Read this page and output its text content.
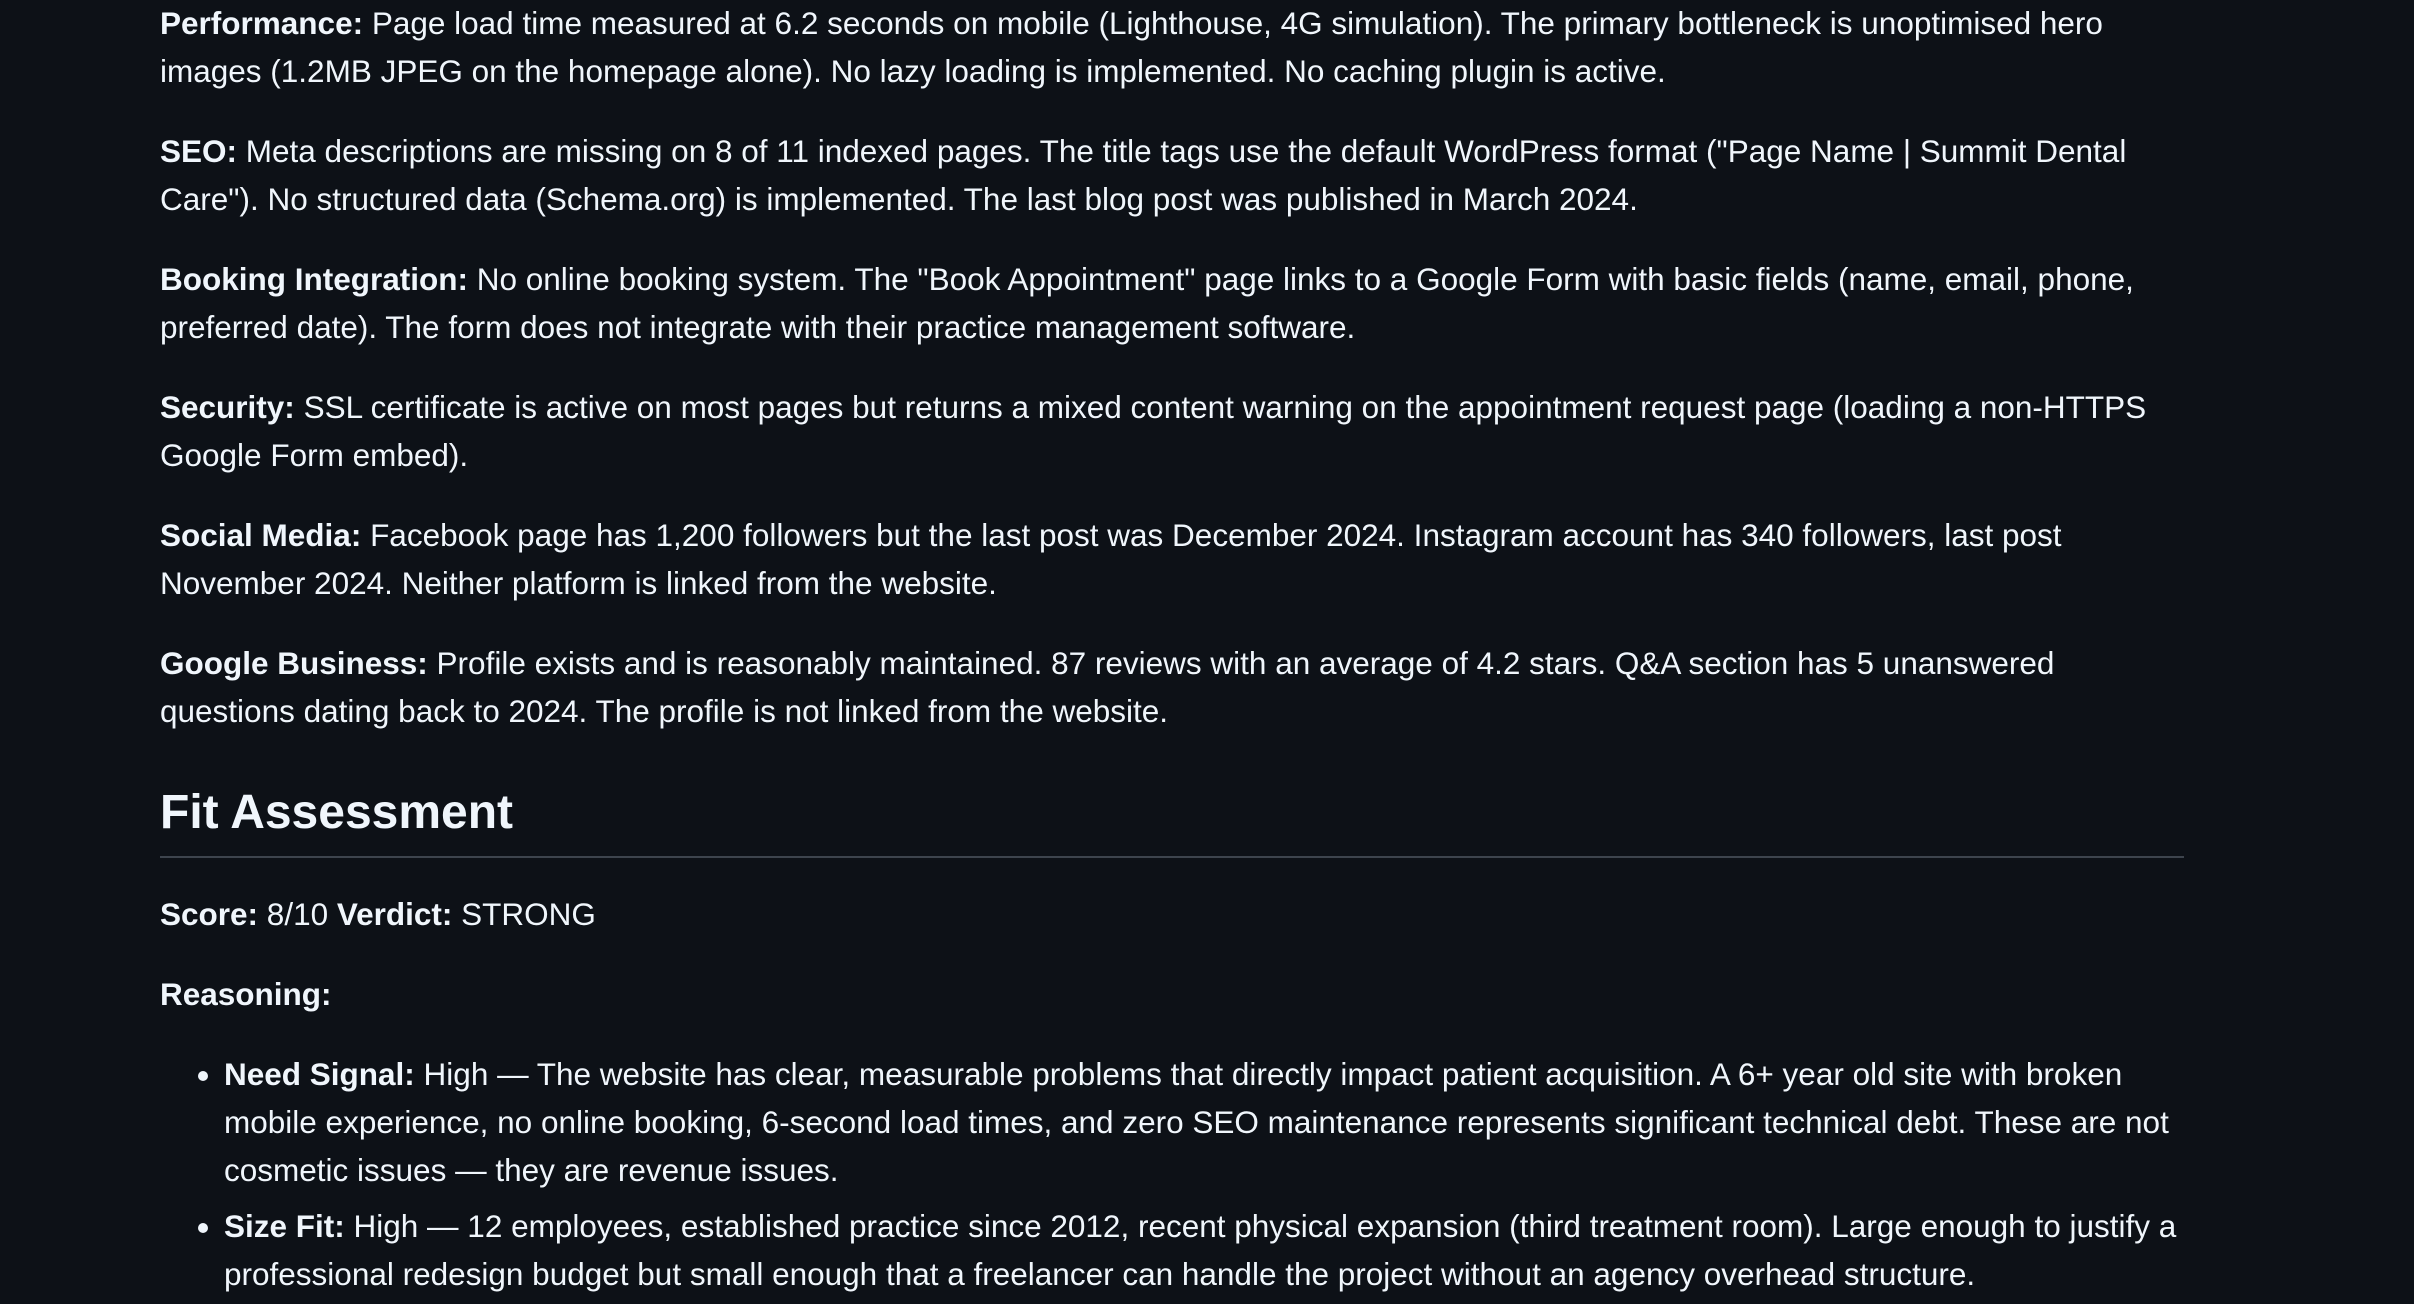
Performance: Page load time measured at 6.2 seconds on mobile (Lighthouse, 4G simulation). The primary bottleneck is unoptimised hero images (1.2MB JPEG on the homepage alone). No lazy loading is implemented. No caching plugin is active.

SEO: Meta descriptions are missing on 8 of 11 indexed pages. The title tags use the default WordPress format ("Page Name | Summit Dental Care"). No structured data (Schema.org) is implemented. The last blog post was published in March 2024.

Booking Integration: No online booking system. The "Book Appointment" page links to a Google Form with basic fields (name, email, phone, preferred date). The form does not integrate with their practice management software.

Security: SSL certificate is active on most pages but returns a mixed content warning on the appointment request page (loading a non-HTTPS Google Form embed).

Social Media: Facebook page has 1,200 followers but the last post was December 2024. Instagram account has 340 followers, last post November 2024. Neither platform is linked from the website.

Google Business: Profile exists and is reasonably maintained. 87 reviews with an average of 4.2 stars. Q&A section has 5 unanswered questions dating back to 2024. The profile is not linked from the website.

Fit Assessment

Score: 8/10 Verdict: STRONG

Reasoning:

• Need Signal: High — The website has clear, measurable problems that directly impact patient acquisition. A 6+ year old site with broken mobile experience, no online booking, 6-second load times, and zero SEO maintenance represents significant technical debt. These are not cosmetic issues — they are revenue issues.
• Size Fit: High — 12 employees, established practice since 2012, recent physical expansion (third treatment room). Large enough to justify a professional redesign budget but small enough that a freelancer can handle the project without an agency overhead structure.
